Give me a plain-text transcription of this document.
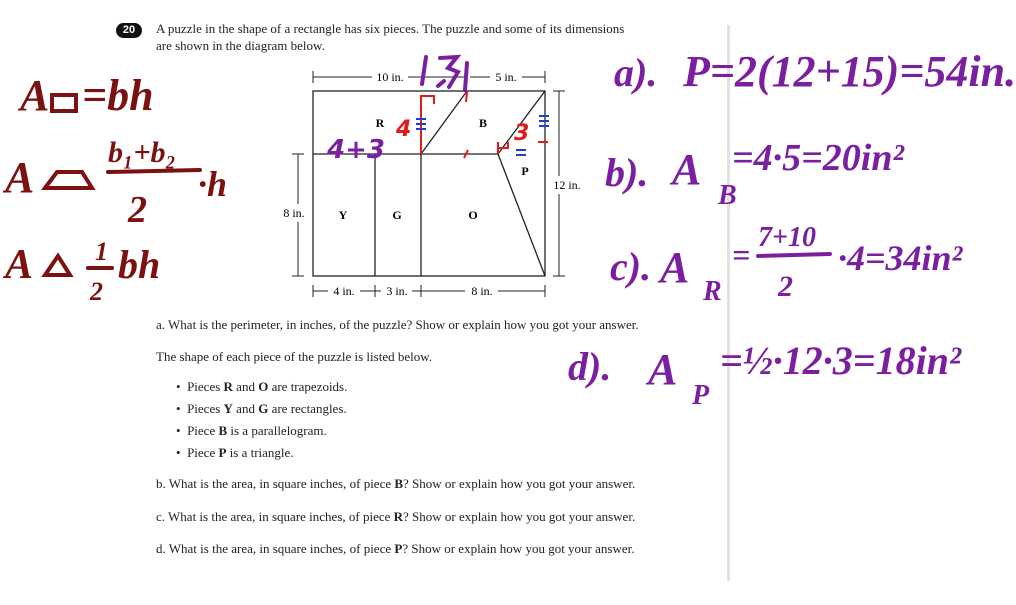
20	A puzzle in the shape of a rectangle has six pieces. The puzzle and some of its dimensions
are shown in the diagram below.
10 in.	5 in.
12 in.
8 in.
4 in.	3 in.	8 in.
R	B
P
Y	G	O
4
4+3
3
A =bh
A
b₁+b₂
2
·h
A 1
2
bh
a). P=2(12+15)=54in.
b). A
B
=4·5=20in²
c). A R
= 7+10
2
·4=34in²
d). A
P
=½·12·3=18in²
a. What is the perimeter, in inches, of the puzzle? Show or explain how you got your answer.
The shape of each piece of the puzzle is listed below.
•  Pieces R and O are trapezoids.
•  Pieces Y and G are rectangles.
•  Piece B is a parallelogram.
•  Piece P is a triangle.
b. What is the area, in square inches, of piece B? Show or explain how you got your answer.
c. What is the area, in square inches, of piece R? Show or explain how you got your answer.
d. What is the area, in square inches, of piece P? Show or explain how you got your answer.
